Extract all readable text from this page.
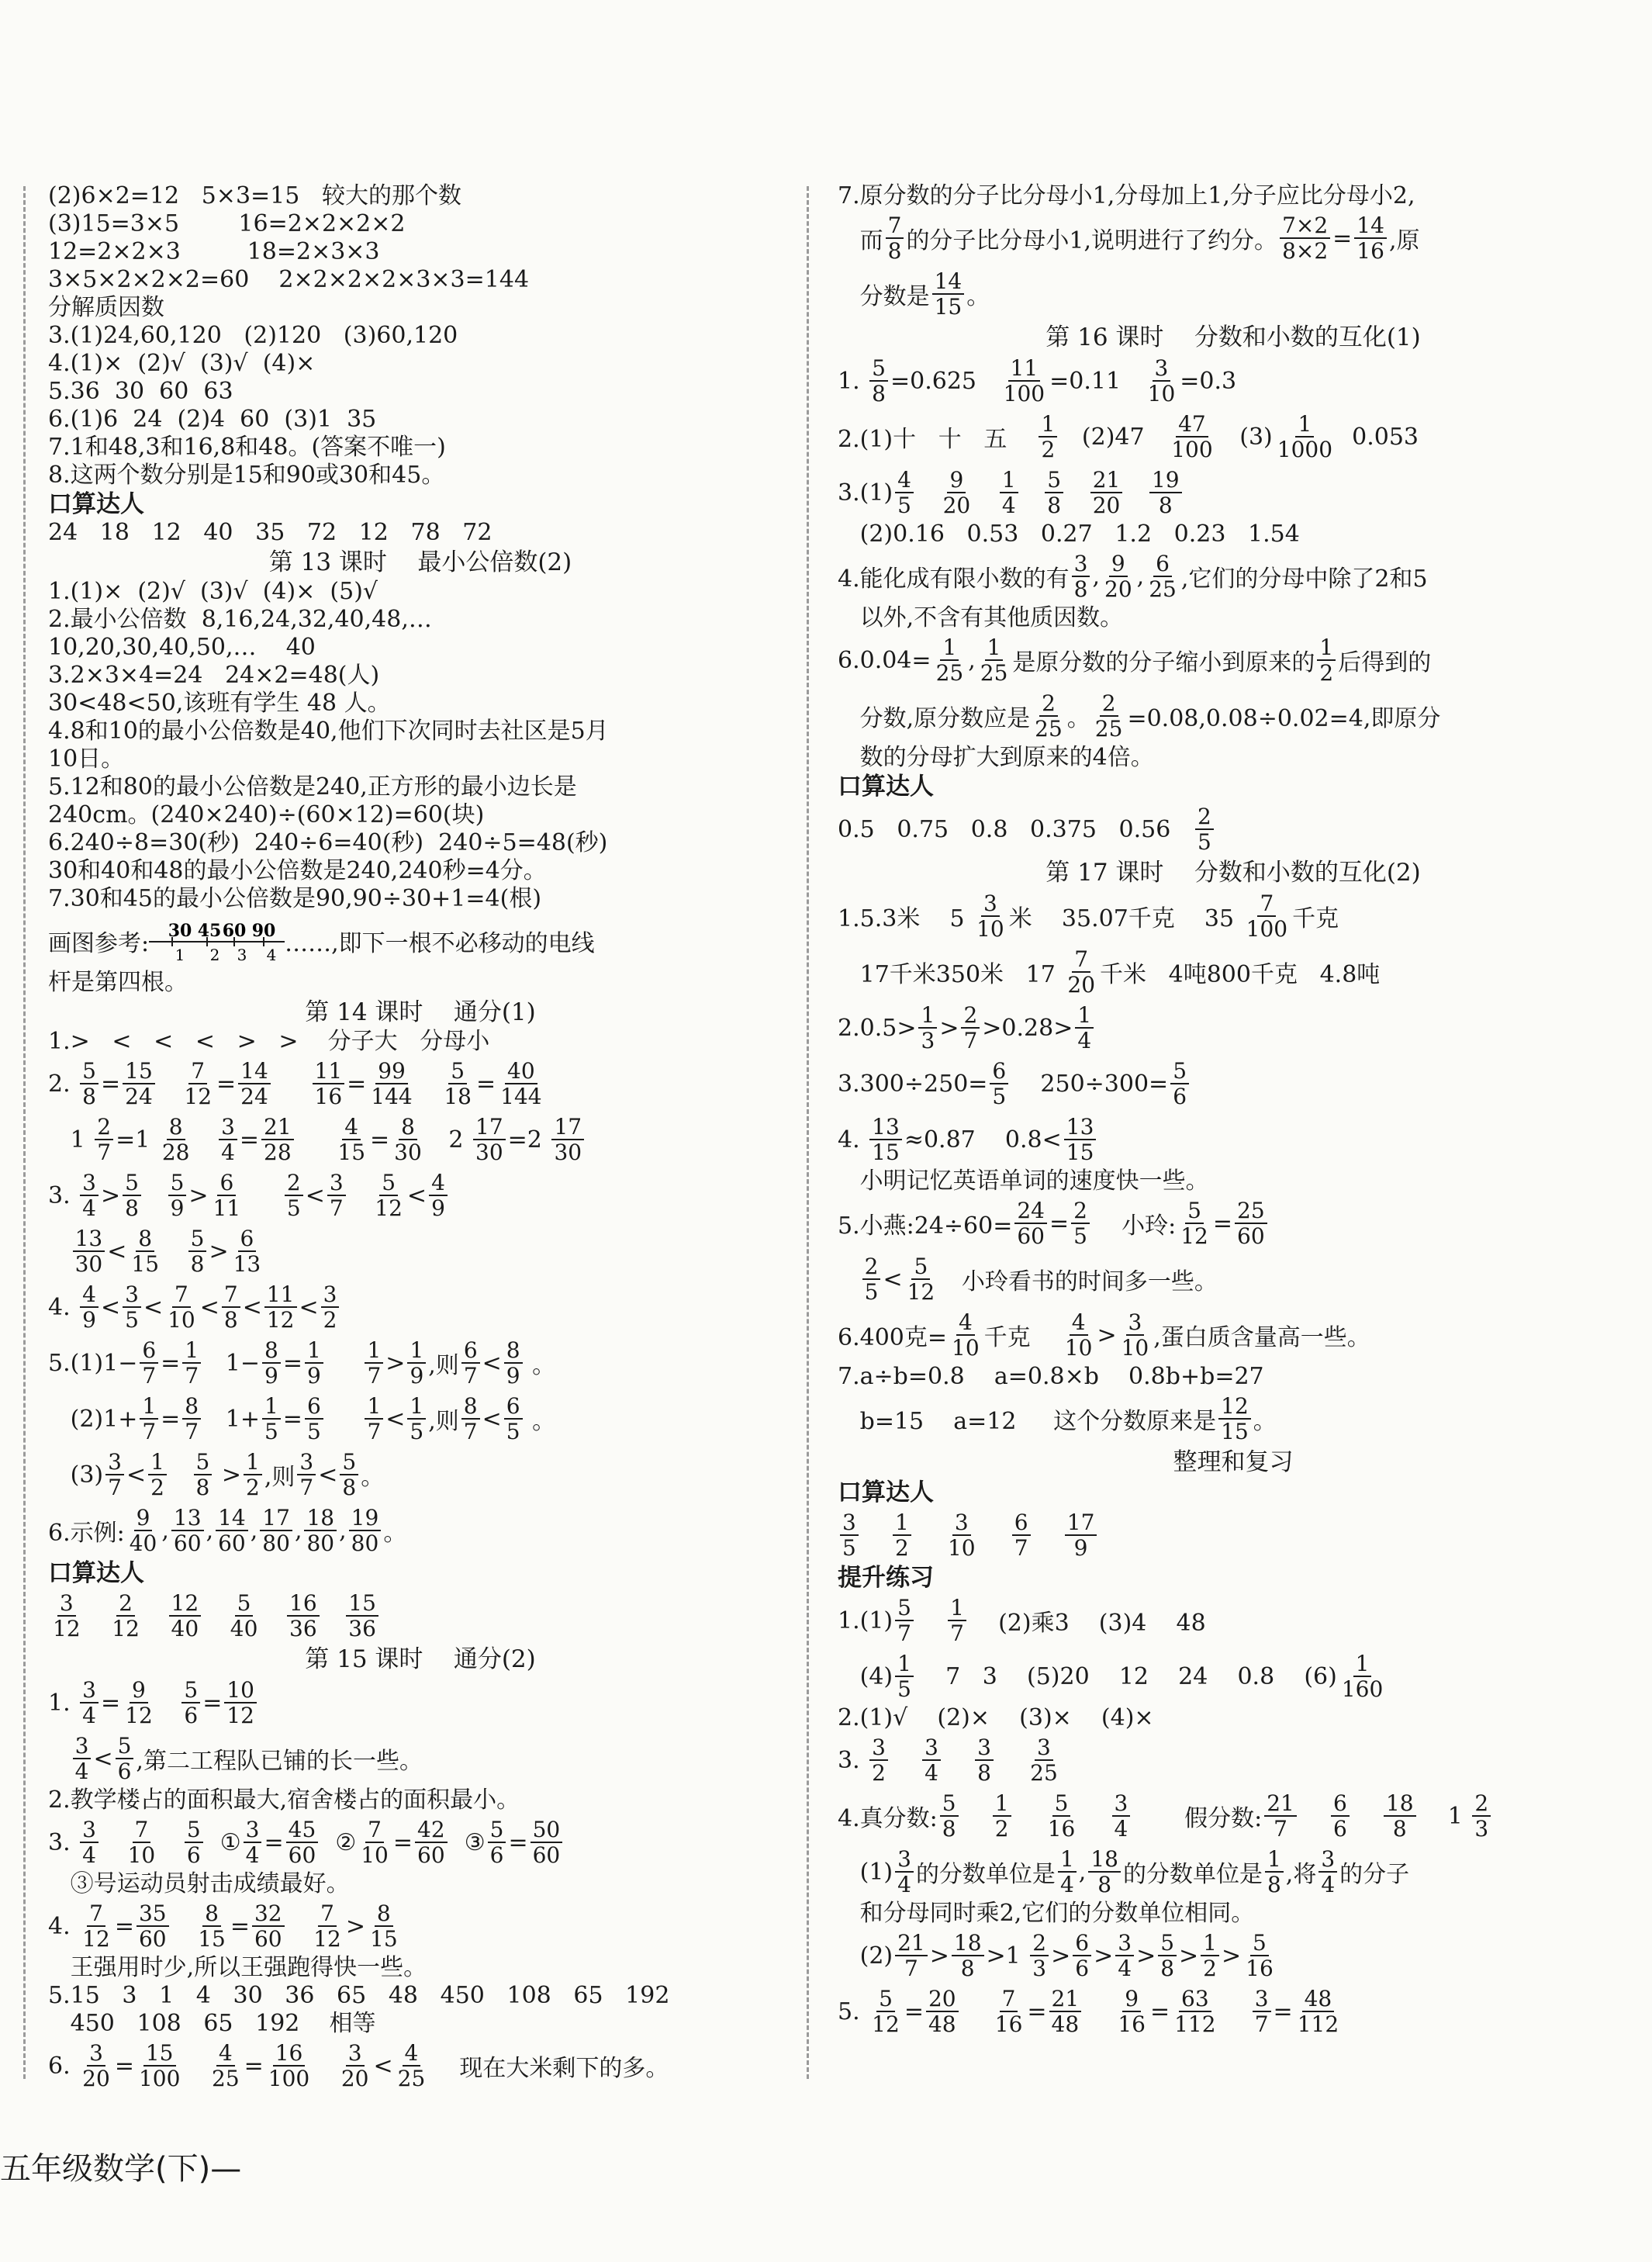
(2)6×2=12   5×3=15   较大的那个数
(3)15=3×5        16=2×2×2×2
12=2×2×3         18=2×3×3
3×5×2×2×2=60    2×2×2×2×3×3=144
分解质因数
3.(1)24,60,120   (2)120   (3)60,120
4.(1)×  (2)√  (3)√  (4)×
5.36  30  60  63
6.(1)6  24  (2)4  60  (3)1  35
7.1和48,3和16,8和48。(答案不唯一)
8.这两个数分别是15和90或30和45。
口算达人
24   18   12   40   35   72   12   78   72
第 13 课时    最小公倍数(2)
1.(1)×  (2)√  (3)√  (4)×  (5)√
2.最小公倍数  8,16,24,32,40,48,…
10,20,30,40,50,…    40
3.2×3×4=24   24×2=48(人)
30<48<50,该班有学生 48 人。
4.8和10的最小公倍数是40,他们下次同时去社区是5月
10日。
5.12和80的最小公倍数是240,正方形的最小边长是
240cm。(240×240)÷(60×12)=60(块)
6.240÷8=30(秒)  240÷6=40(秒)  240÷5=48(秒)
30和40和48的最小公倍数是240,240秒=4分。
7.30和45的最小公倍数是90,90÷30+1=4(根)
画图参考: 30 45 60 90
1 2 3 4 ……,即下一根不必移动的电线
杆是第四根。
第 14 课时    通分(1)
1.>   <   <   <   >   >    分子大   分母小
2. $\frac{5}{8} = \frac{15}{24}$
$\frac{7}{12} = \frac{14}{24}$
$\frac{11}{16} = \frac{99}{144}$
$\frac{5}{18} = \frac{40}{144}$
$1 \frac{2}{7} =1 \frac{8}{28}$
$\frac{3}{4} = \frac{21}{28}$
$\frac{4}{15} = \frac{8}{30} 2 \frac{17}{30} =2 \frac{17}{30}$
3. $\frac{3}{4} > \frac{5}{8}$
$\frac{5}{9} > \frac{6}{11}$
$\frac{2}{5} < \frac{3}{7}$
$\frac{5}{12} < \frac{4}{9}$

$\frac{13}{30} < \frac{8}{15}$
$\frac{5}{8} > \frac{6}{13}$
4. $\frac{4}{9} < \frac{3}{5} < \frac{7}{10} < \frac{7}{8} < \frac{11}{12} < \frac{3}{2}$
$5.(1)1- \frac{6}{7} = \frac{1}{7} 1- \frac{8}{9} = \frac{1}{9}$
$\frac{1}{7} > \frac{1}{9}$ ,则 $\frac{6}{7} < \frac{8}{9}$ 。
$(2)1+ \frac{1}{7} = \frac{8}{7} 1+ \frac{1}{5} = \frac{6}{5}$
$\frac{1}{7} < \frac{1}{5}$ ,则 $\frac{8}{7} < \frac{6}{5}$ 。
$(3) \frac{3}{7} < \frac{1}{2}$
$\frac{5}{8} > \frac{1}{2}$ ,则 $\frac{3}{7} < \frac{5}{8}$ 。
6.示例: $\frac{9}{40}$ , $\frac{13}{60}$ , $\frac{14}{60}$ , $\frac{17}{80}$ , $\frac{18}{80}$ , $\frac{19}{80}$ 。
口算达人
$\frac{3}{12}$
$\frac{2}{12}$
$\frac{12}{40}$
$\frac{5}{40}$
$\frac{16}{36}$
$\frac{15}{36}$
第 15 课时    通分(2)
1. $\frac{3}{4} = \frac{9}{12}$
$\frac{5}{6} = \frac{10}{12}$

$\frac{3}{4} < \frac{5}{6}$ ,第二工程队已铺的长一些。
2.教学楼占的面积最大,宿舍楼占的面积最小。
3. $\frac{3}{4}$
$\frac{7}{10}$
$\frac{5}{6}$ ① $\frac{3}{4} = \frac{45}{60}$ ② $\frac{7}{10} = \frac{42}{60}$ ③ $\frac{5}{6} = \frac{50}{60}$
③号运动员射击成绩最好。
4. $\frac{7}{12} = \frac{35}{60}$
$\frac{8}{15} = \frac{32}{60}$
$\frac{7}{12} > \frac{8}{15}$
王强用时少,所以王强跑得快一些。
5.15   3   1   4   30   36   65   48   450   108   65   192
450   108   65   192    相等
6. $\frac{3}{20} = \frac{15}{100}$
$\frac{4}{25} = \frac{16}{100}$
$\frac{3}{20} < \frac{4}{25}$ 现在大米剩下的多。
7.原分数的分子比分母小1,分母加上1,分子应比分母小2,
而 $\frac{7}{8}$ 的分子比分母小1,说明进行了约分。 $\frac{7\times 2}{8\times 2} = \frac{14}{16}$ ,原
分数是 $\frac{14}{15}$ 。
第 16 课时    分数和小数的互化(1)
1. $\frac{5}{8} =0.625 \frac{11}{100} =0.11 \frac{3}{10} =0.3$
2.(1)十   十   五 $\frac{1}{2} (2)47 \frac{47}{100} (3) \frac{1}{1000} 0.053$
$3.(1) \frac{4}{5}$
$\frac{9}{20}$
$\frac{1}{4}$
$\frac{5}{8}$
$\frac{21}{20}$
$\frac{19}{8}$
(2)0.16   0.53   0.27   1.2   0.23   1.54
4.能化成有限小数的有 $\frac{3}{8}$ , $\frac{9}{20}$ , $\frac{6}{25}$ ,它们的分母中除了2和5
以外,不含有其他质因数。
$6.0.04= \frac{1}{25}$ , $\frac{1}{25}$ 是原分数的分子缩小到原来的 $\frac{1}{2}$ 后得到的
分数,原分数应是 $\frac{2}{25}$ 。 $\frac{2}{25} =0.08,0.08\div 0.02=4$,即原分
数的分母扩大到原来的4倍。
口算达人
0.5   0.75   0.8   0.375   $0.56 \frac{2}{5}$
第 17 课时    分数和小数的互化(2)
1.5.3米    $5 \frac{3}{10}$ 米    35.07千克    $35 \frac{7}{100}$ 千克
17千米350米   $17 \frac{7}{20}$ 千米   4吨800千克   4.8吨
$2.0.5> \frac{1}{3} > \frac{2}{7} >0.28> \frac{1}{4}$
$3.300\div 250= \frac{6}{5} 250\div 300= \frac{5}{6}$
4. $\frac{13}{15} \approx 0.87$    $0.8< \frac{13}{15}$
小明记忆英语单词的速度快一些。
5.小燕:24÷60= $\frac{24}{60} = \frac{2}{5}$ 小玲: $\frac{5}{12} = \frac{25}{60}$

$\frac{2}{5} < \frac{5}{12}$ 小玲看书的时间多一些。
6.400克= $\frac{4}{10}$ 千克 $\frac{4}{10} > \frac{3}{10}$ ,蛋白质含量高一些。
7.a÷b=0.8    a=0.8×b    0.8b+b=27
b=15    a=12     这个分数原来是 $\frac{12}{15}$ 。
整理和复习
口算达人
$\frac{3}{5}$
$\frac{1}{2}$
$\frac{3}{10}$
$\frac{6}{7}$
$\frac{17}{9}$
提升练习
$1.(1) \frac{5}{7}$
$\frac{1}{7} (2)$乘3    (3)4    48
$(4) \frac{1}{5} 7$   3    (5)20    12    24    0.8    $(6) \frac{1}{160}$
2.(1)√    (2)×    (3)×    (4)×
3. $\frac{3}{2}$
$\frac{3}{4}$
$\frac{3}{8}$
$\frac{3}{25}$
4.真分数: $\frac{5}{8}$
$\frac{1}{2}$
$\frac{5}{16}$
$\frac{3}{4}$ 假分数: $\frac{21}{7}$
$\frac{6}{6}$
$\frac{18}{8} 1 \frac{2}{3}$
$(1) \frac{3}{4}$ 的分数单位是 $\frac{1}{4}$ , $\frac{18}{8}$ 的分数单位是 $\frac{1}{8}$ ,将 $\frac{3}{4}$ 的分子
和分母同时乘2,它们的分数单位相同。
$(2) \frac{21}{7} > \frac{18}{8} >1 \frac{2}{3} > \frac{6}{6} > \frac{3}{4} > \frac{5}{8} > \frac{1}{2} > \frac{5}{16}$
5. $\frac{5}{12} = \frac{20}{48}$
$\frac{7}{16} = \frac{21}{48}$
$\frac{9}{16} = \frac{63}{112}$
$\frac{3}{7} = \frac{48}{112}$
五年级数学(下)—
